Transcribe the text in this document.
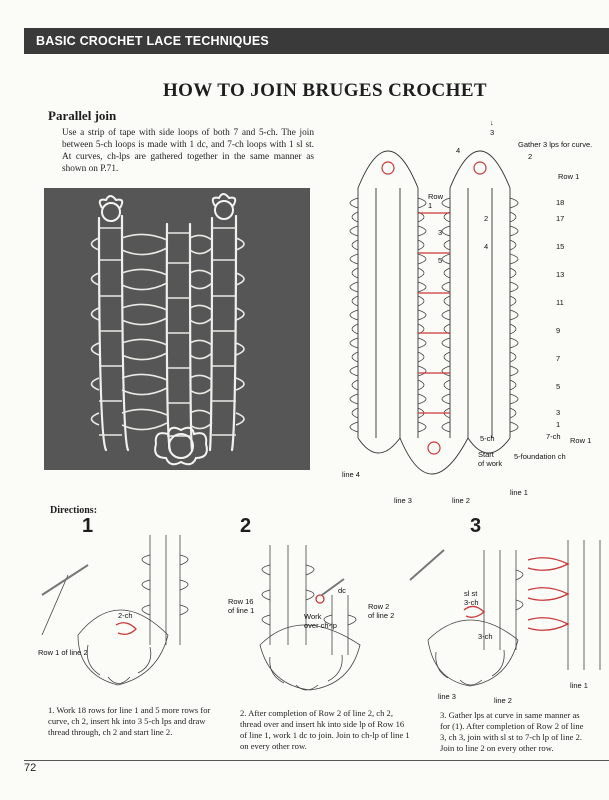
BASIC CROCHET LACE TECHNIQUES
HOW TO JOIN BRUGES CROCHET
Parallel join
Use a strip of tape with side loops of both 7 and 5-ch. The join between 5-ch loops is made with 1 dc, and 7-ch loops with 1 sl st. At curves, ch-lps are gathered together in the same manner as shown on P.71.
↓
3
Gather 3 lps for curve.
4
2
Row 1
Row
1	18
17
15
13
11
9
7
5
3
1
2
4
3
5
5-ch	7-ch Row 1
Start
of work
5-foundation ch
line 4
line 1
line 3	line 2
Directions:
1
2-ch
Row 1 of line 2
1. Work 18 rows for line 1 and 5 more rows for curve, ch 2, insert hk into 3 5-ch lps and draw thread through, ch 2 and start line 2.
2
Row 16
of line 1
dc
Work
over ch-lp
Row 2
of line 2
2. After completion of Row 2 of line 2, ch 2, thread over and insert hk into side lp of Row 16 of line 1, work 1 dc to join. Join to ch-lp of line 1 on every other row.
3
sl st
3-ch
3-ch
line 1
line 2
line 3
3. Gather lps at curve in same manner as for (1). After completion of Row 2 of line 3, ch 3, join with sl st to 7-ch lp of line 2. Join to line 2 on every other row.
72
